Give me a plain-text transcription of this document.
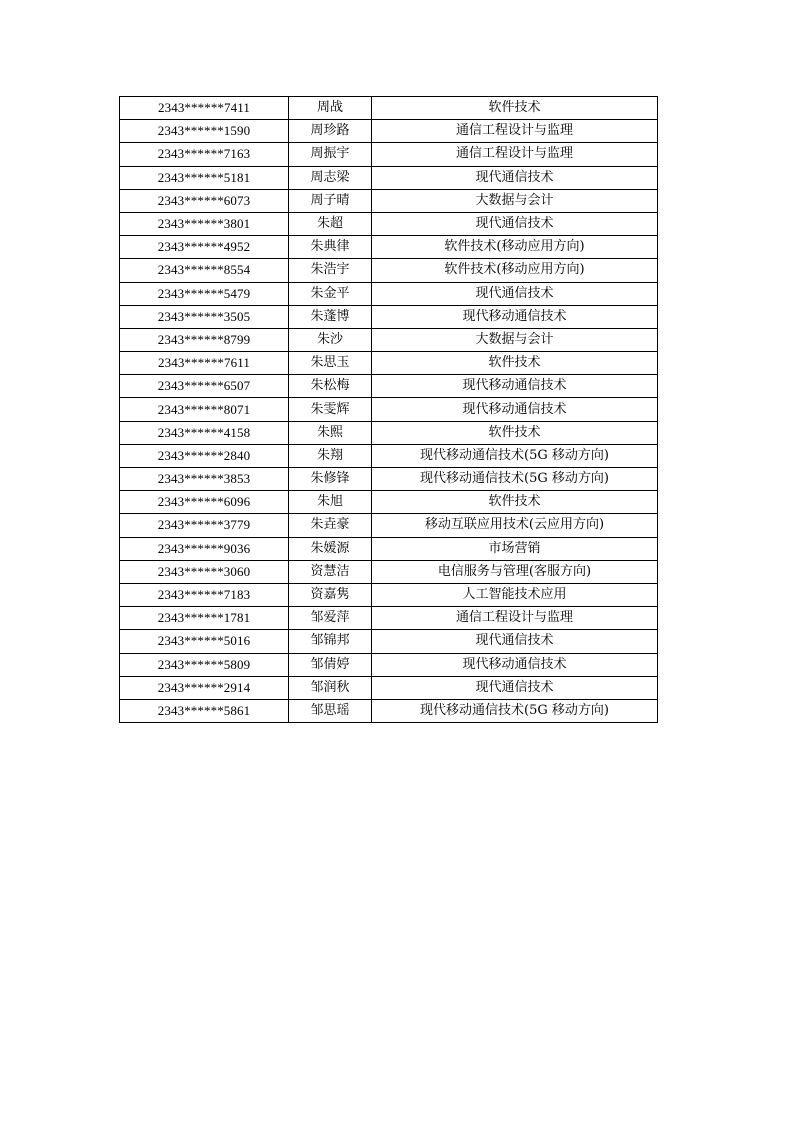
2343******7411	周战	软件技术
2343******1590	周珍路	通信工程设计与监理
2343******7163	周振宇	通信工程设计与监理
2343******5181	周志梁	现代通信技术
2343******6073	周子晴	大数据与会计
2343******3801	朱超	现代通信技术
2343******4952	朱典律	软件技术(移动应用方向)
2343******8554	朱浩宇	软件技术(移动应用方向)
2343******5479	朱金平	现代通信技术
2343******3505	朱蓬博	现代移动通信技术
2343******8799	朱沙	大数据与会计
2343******7611	朱思玉	软件技术
2343******6507	朱松梅	现代移动通信技术
2343******8071	朱雯辉	现代移动通信技术
2343******4158	朱熙	软件技术
2343******2840	朱翔	现代移动通信技术(5G 移动方向)
2343******3853	朱修锋	现代移动通信技术(5G 移动方向)
2343******6096	朱旭	软件技术
2343******3779	朱垚豪	移动互联应用技术(云应用方向)
2343******9036	朱媛源	市场营销
2343******3060	资慧洁	电信服务与管理(客服方向)
2343******7183	资嘉隽	人工智能技术应用
2343******1781	邹爱萍	通信工程设计与监理
2343******5016	邹锦邦	现代通信技术
2343******5809	邹倩婷	现代移动通信技术
2343******2914	邹润秋	现代通信技术
2343******5861	邹思瑶	现代移动通信技术(5G 移动方向)
